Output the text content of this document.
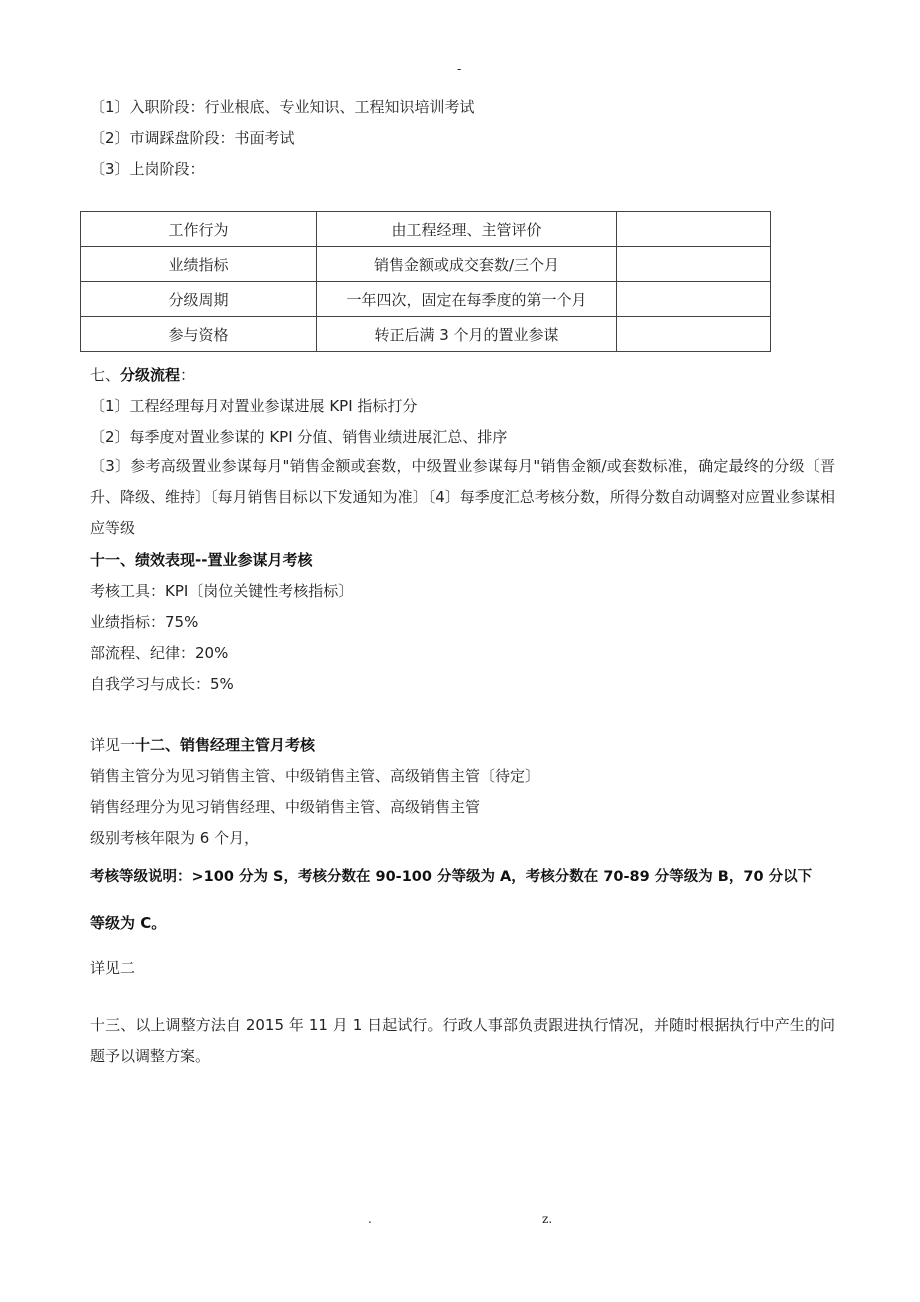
-
〔1〕入职阶段：行业根底、专业知识、工程知识培训考试
〔2〕市调踩盘阶段：书面考试
〔3〕上岗阶段：
工作行为	由工程经理、主管评价	
业绩指标	销售金额或成交套数/三个月	
分级周期	一年四次，固定在每季度的第一个月	
参与资格	转正后满 3 个月的置业参谋	
七、分级流程：
〔1〕工程经理每月对置业参谋进展 KPI 指标打分
〔2〕每季度对置业参谋的 KPI 分值、销售业绩进展汇总、排序
〔3〕参考高级置业参谋每月"销售金额或套数，中级置业参谋每月"销售金额/或套数标准，确定最终的分级〔晋升、降级、维持〕〔每月销售目标以下发通知为准〕〔4〕每季度汇总考核分数，所得分数自动调整对应置业参谋相应等级
十一、绩效表现--置业参谋月考核
考核工具：KPI〔岗位关键性考核指标〕
业绩指标：75%
部流程、纪律：20%
自我学习与成长：5%
详见一十二、销售经理主管月考核
销售主管分为见习销售主管、中级销售主管、高级销售主管〔待定〕
销售经理分为见习销售经理、中级销售主管、高级销售主管
级别考核年限为 6 个月，
考核等级说明：>100 分为 S，考核分数在 90-100 分等级为 A，考核分数在 70-89 分等级为 B，70 分以下
等级为 C。
详见二
十三、以上调整方法自 2015 年 11 月 1 日起试行。行政人事部负责跟进执行情况，并随时根据执行中产生的问题予以调整方案。
.	z.
